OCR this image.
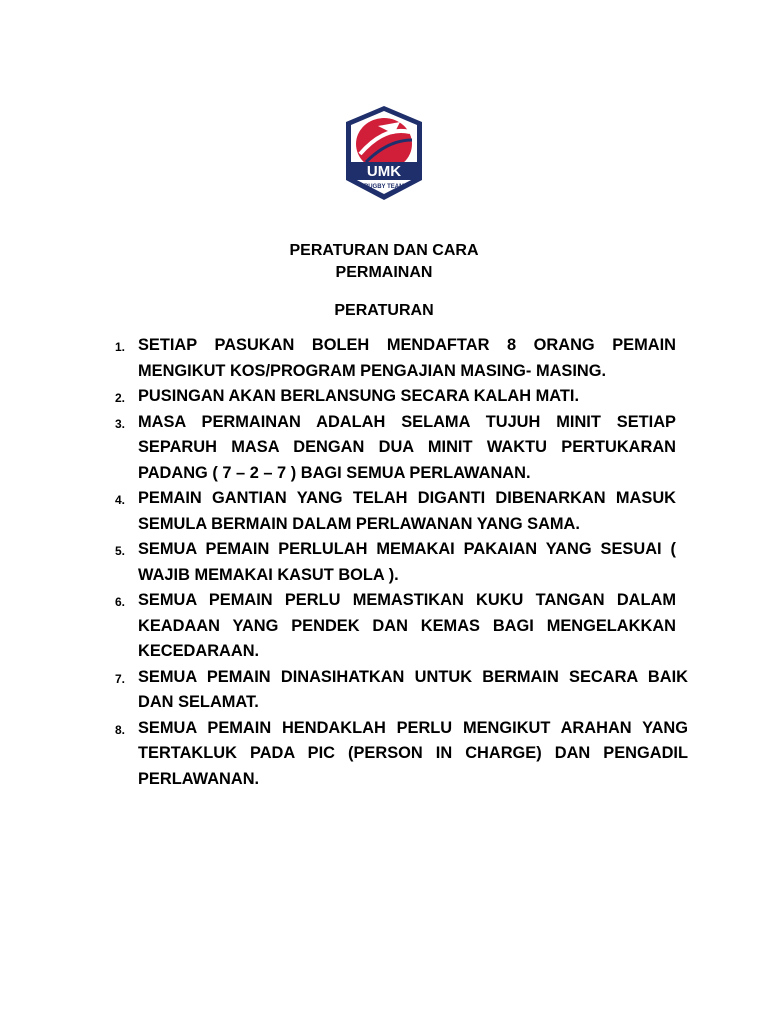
UMK
RUGBY TEAM
PERATURAN DAN CARA
PERMAINAN
PERATURAN
1. SETIAP PASUKAN BOLEH MENDAFTAR 8 ORANG PEMAIN MENGIKUT KOS/PROGRAM PENGAJIAN MASING- MASING.
2. PUSINGAN AKAN BERLANSUNG SECARA KALAH MATI.
3. MASA PERMAINAN ADALAH SELAMA TUJUH MINIT SETIAP SEPARUH MASA DENGAN DUA MINIT WAKTU PERTUKARAN PADANG ( 7 – 2 – 7 ) BAGI SEMUA PERLAWANAN.
4. PEMAIN GANTIAN YANG TELAH DIGANTI DIBENARKAN MASUK SEMULA BERMAIN DALAM PERLAWANAN YANG SAMA.
5. SEMUA PEMAIN PERLULAH MEMAKAI PAKAIAN YANG SESUAI ( WAJIB MEMAKAI KASUT BOLA ).
6. SEMUA PEMAIN PERLU MEMASTIKAN KUKU TANGAN DALAM KEADAAN YANG PENDEK DAN KEMAS BAGI MENGELAKKAN KECEDARAAN.
7. SEMUA PEMAIN DINASIHATKAN UNTUK BERMAIN SECARA BAIK DAN SELAMAT.
8. SEMUA PEMAIN HENDAKLAH PERLU MENGIKUT ARAHAN YANG TERTAKLUK PADA PIC (PERSON IN CHARGE) DAN PENGADIL PERLAWANAN.
